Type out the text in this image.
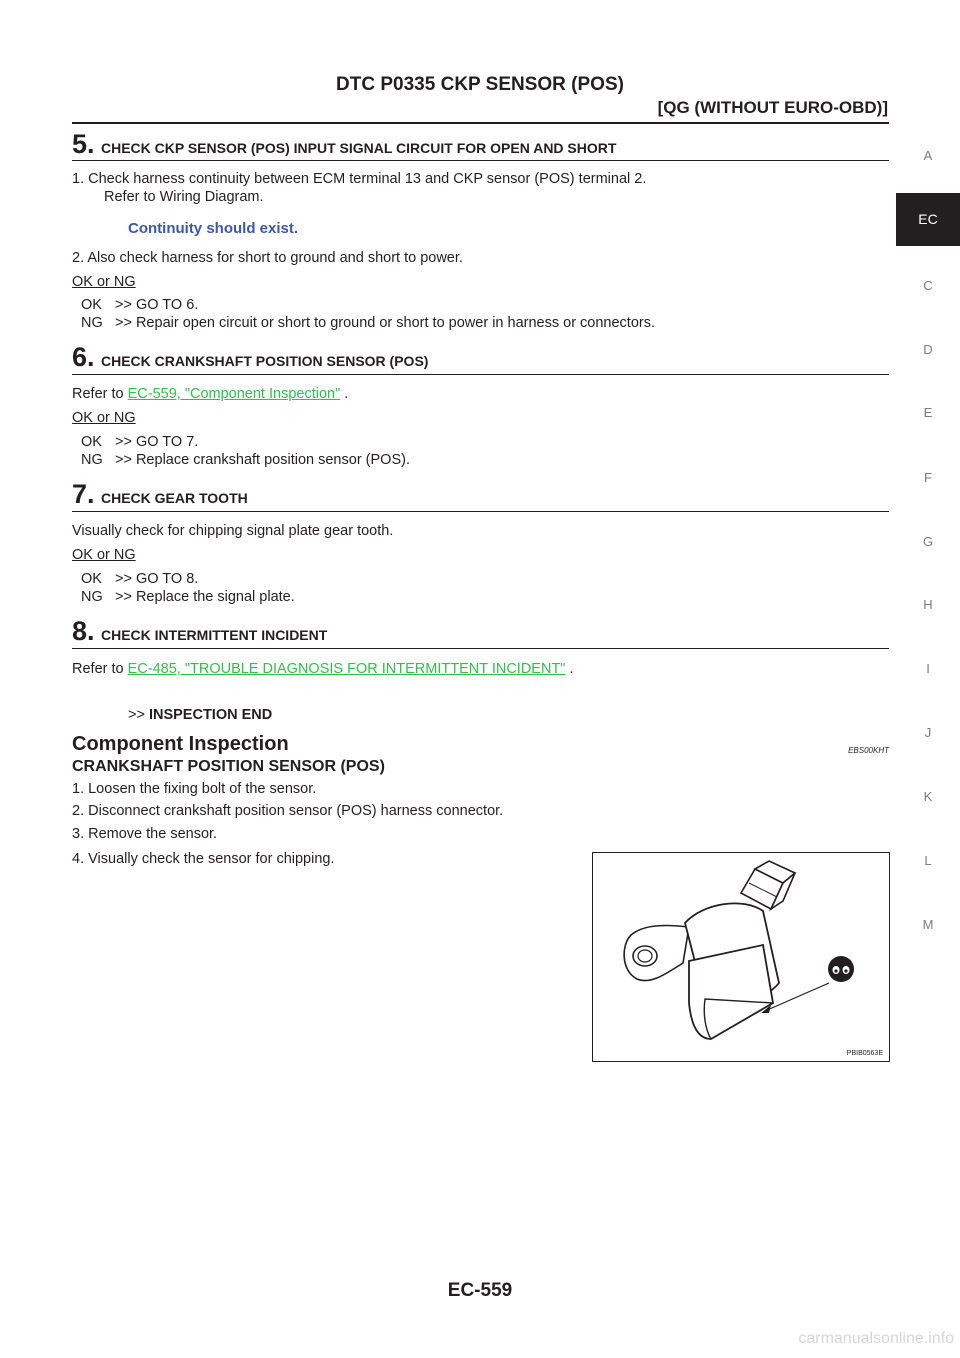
DTC P0335 CKP SENSOR (POS)
[QG (WITHOUT EURO-OBD)]
A
EC
C
D
E
F
G
H
I
J
K
L
M
5. CHECK CKP SENSOR (POS) INPUT SIGNAL CIRCUIT FOR OPEN AND SHORT
1. Check harness continuity between ECM terminal 13 and CKP sensor (POS) terminal 2.
Refer to Wiring Diagram.
Continuity should exist.
2. Also check harness for short to ground and short to power.
OK or NG
OK >> GO TO 6.
NG >> Repair open circuit or short to ground or short to power in harness or connectors.
6. CHECK CRANKSHAFT POSITION SENSOR (POS)
Refer to EC-559, "Component Inspection" .
OK or NG
OK >> GO TO 7.
NG >> Replace crankshaft position sensor (POS).
7. CHECK GEAR TOOTH
Visually check for chipping signal plate gear tooth.
OK or NG
OK >> GO TO 8.
NG >> Replace the signal plate.
8. CHECK INTERMITTENT INCIDENT
Refer to EC-485, "TROUBLE DIAGNOSIS FOR INTERMITTENT INCIDENT" .
>> INSPECTION END
Component Inspection	EBS00KHT
CRANKSHAFT POSITION SENSOR (POS)
1. Loosen the fixing bolt of the sensor.
2. Disconnect crankshaft position sensor (POS) harness connector.
3. Remove the sensor.
4. Visually check the sensor for chipping.
PBIB0563E
EC-559
carmanualsonline.info
